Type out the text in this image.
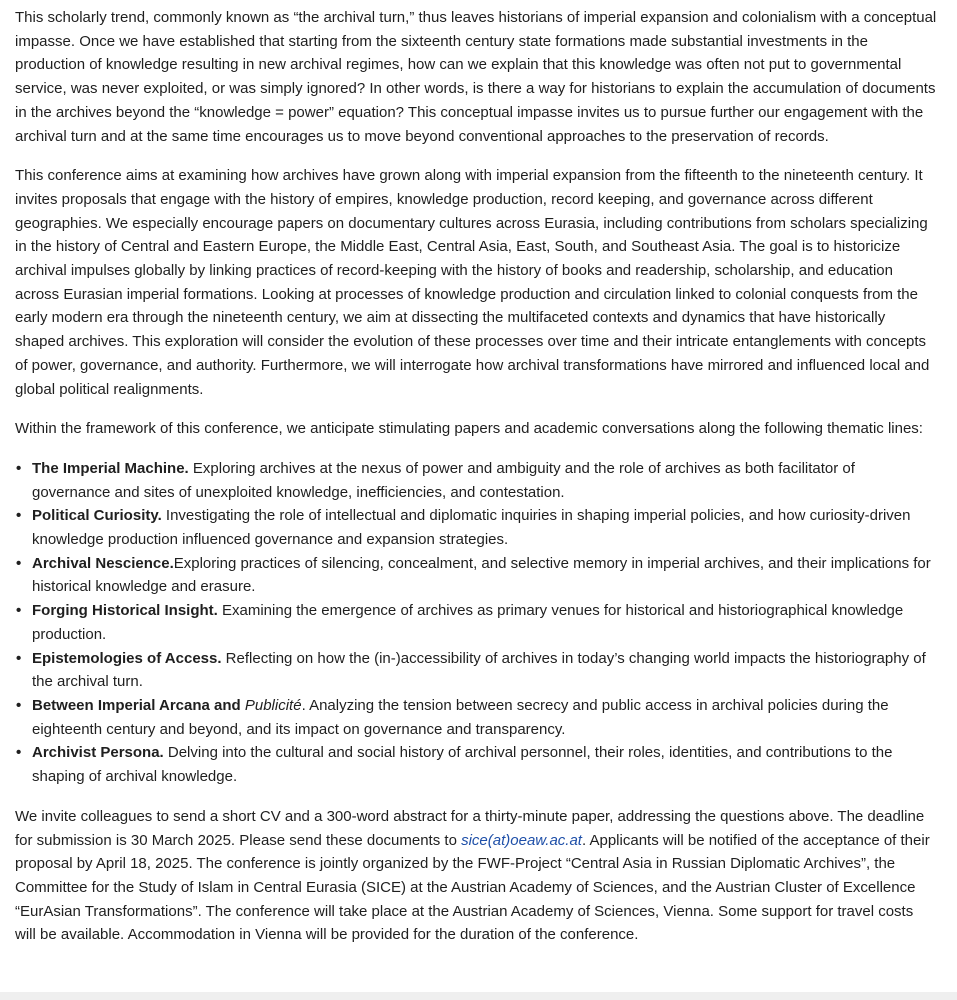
This scholarly trend, commonly known as “the archival turn,” thus leaves historians of imperial expansion and colonialism with a conceptual impasse. Once we have established that starting from the sixteenth century state formations made substantial investments in the production of knowledge resulting in new archival regimes, how can we explain that this knowledge was often not put to governmental service, was never exploited, or was simply ignored? In other words, is there a way for historians to explain the accumulation of documents in the archives beyond the “knowledge = power” equation? This conceptual impasse invites us to pursue further our engagement with the archival turn and at the same time encourages us to move beyond conventional approaches to the preservation of records.

This conference aims at examining how archives have grown along with imperial expansion from the fifteenth to the nineteenth century. It invites proposals that engage with the history of empires, knowledge production, record keeping, and governance across different geographies. We especially encourage papers on documentary cultures across Eurasia, including contributions from scholars specializing in the history of Central and Eastern Europe, the Middle East, Central Asia, East, South, and Southeast Asia. The goal is to historicize archival impulses globally by linking practices of record-keeping with the history of books and readership, scholarship, and education across Eurasian imperial formations. Looking at processes of knowledge production and circulation linked to colonial conquests from the early modern era through the nineteenth century, we aim at dissecting the multifaceted contexts and dynamics that have historically shaped archives. This exploration will consider the evolution of these processes over time and their intricate entanglements with concepts of power, governance, and authority. Furthermore, we will interrogate how archival transformations have mirrored and influenced local and global political realignments.

Within the framework of this conference, we anticipate stimulating papers and academic conversations along the following thematic lines:

• The Imperial Machine. Exploring archives at the nexus of power and ambiguity and the role of archives as both facilitator of governance and sites of unexploited knowledge, inefficiencies, and contestation.
• Political Curiosity. Investigating the role of intellectual and diplomatic inquiries in shaping imperial policies, and how curiosity-driven knowledge production influenced governance and expansion strategies.
• Archival Nescience.Exploring practices of silencing, concealment, and selective memory in imperial archives, and their implications for historical knowledge and erasure.
• Forging Historical Insight. Examining the emergence of archives as primary venues for historical and historiographical knowledge production.
• Epistemologies of Access. Reflecting on how the (in-)accessibility of archives in today’s changing world impacts the historiography of the archival turn.
• Between Imperial Arcana and Publicité. Analyzing the tension between secrecy and public access in archival policies during the eighteenth century and beyond, and its impact on governance and transparency.
• Archivist Persona. Delving into the cultural and social history of archival personnel, their roles, identities, and contributions to the shaping of archival knowledge.

We invite colleagues to send a short CV and a 300-word abstract for a thirty-minute paper, addressing the questions above. The deadline for submission is 30 March 2025. Please send these documents to sice(at)oeaw.ac.at. Applicants will be notified of the acceptance of their proposal by April 18, 2025. The conference is jointly organized by the FWF-Project “Central Asia in Russian Diplomatic Archives”, the Committee for the Study of Islam in Central Eurasia (SICE) at the Austrian Academy of Sciences, and the Austrian Cluster of Excellence “EurAsian Transformations”. The conference will take place at the Austrian Academy of Sciences, Vienna. Some support for travel costs will be available. Accommodation in Vienna will be provided for the duration of the conference.
